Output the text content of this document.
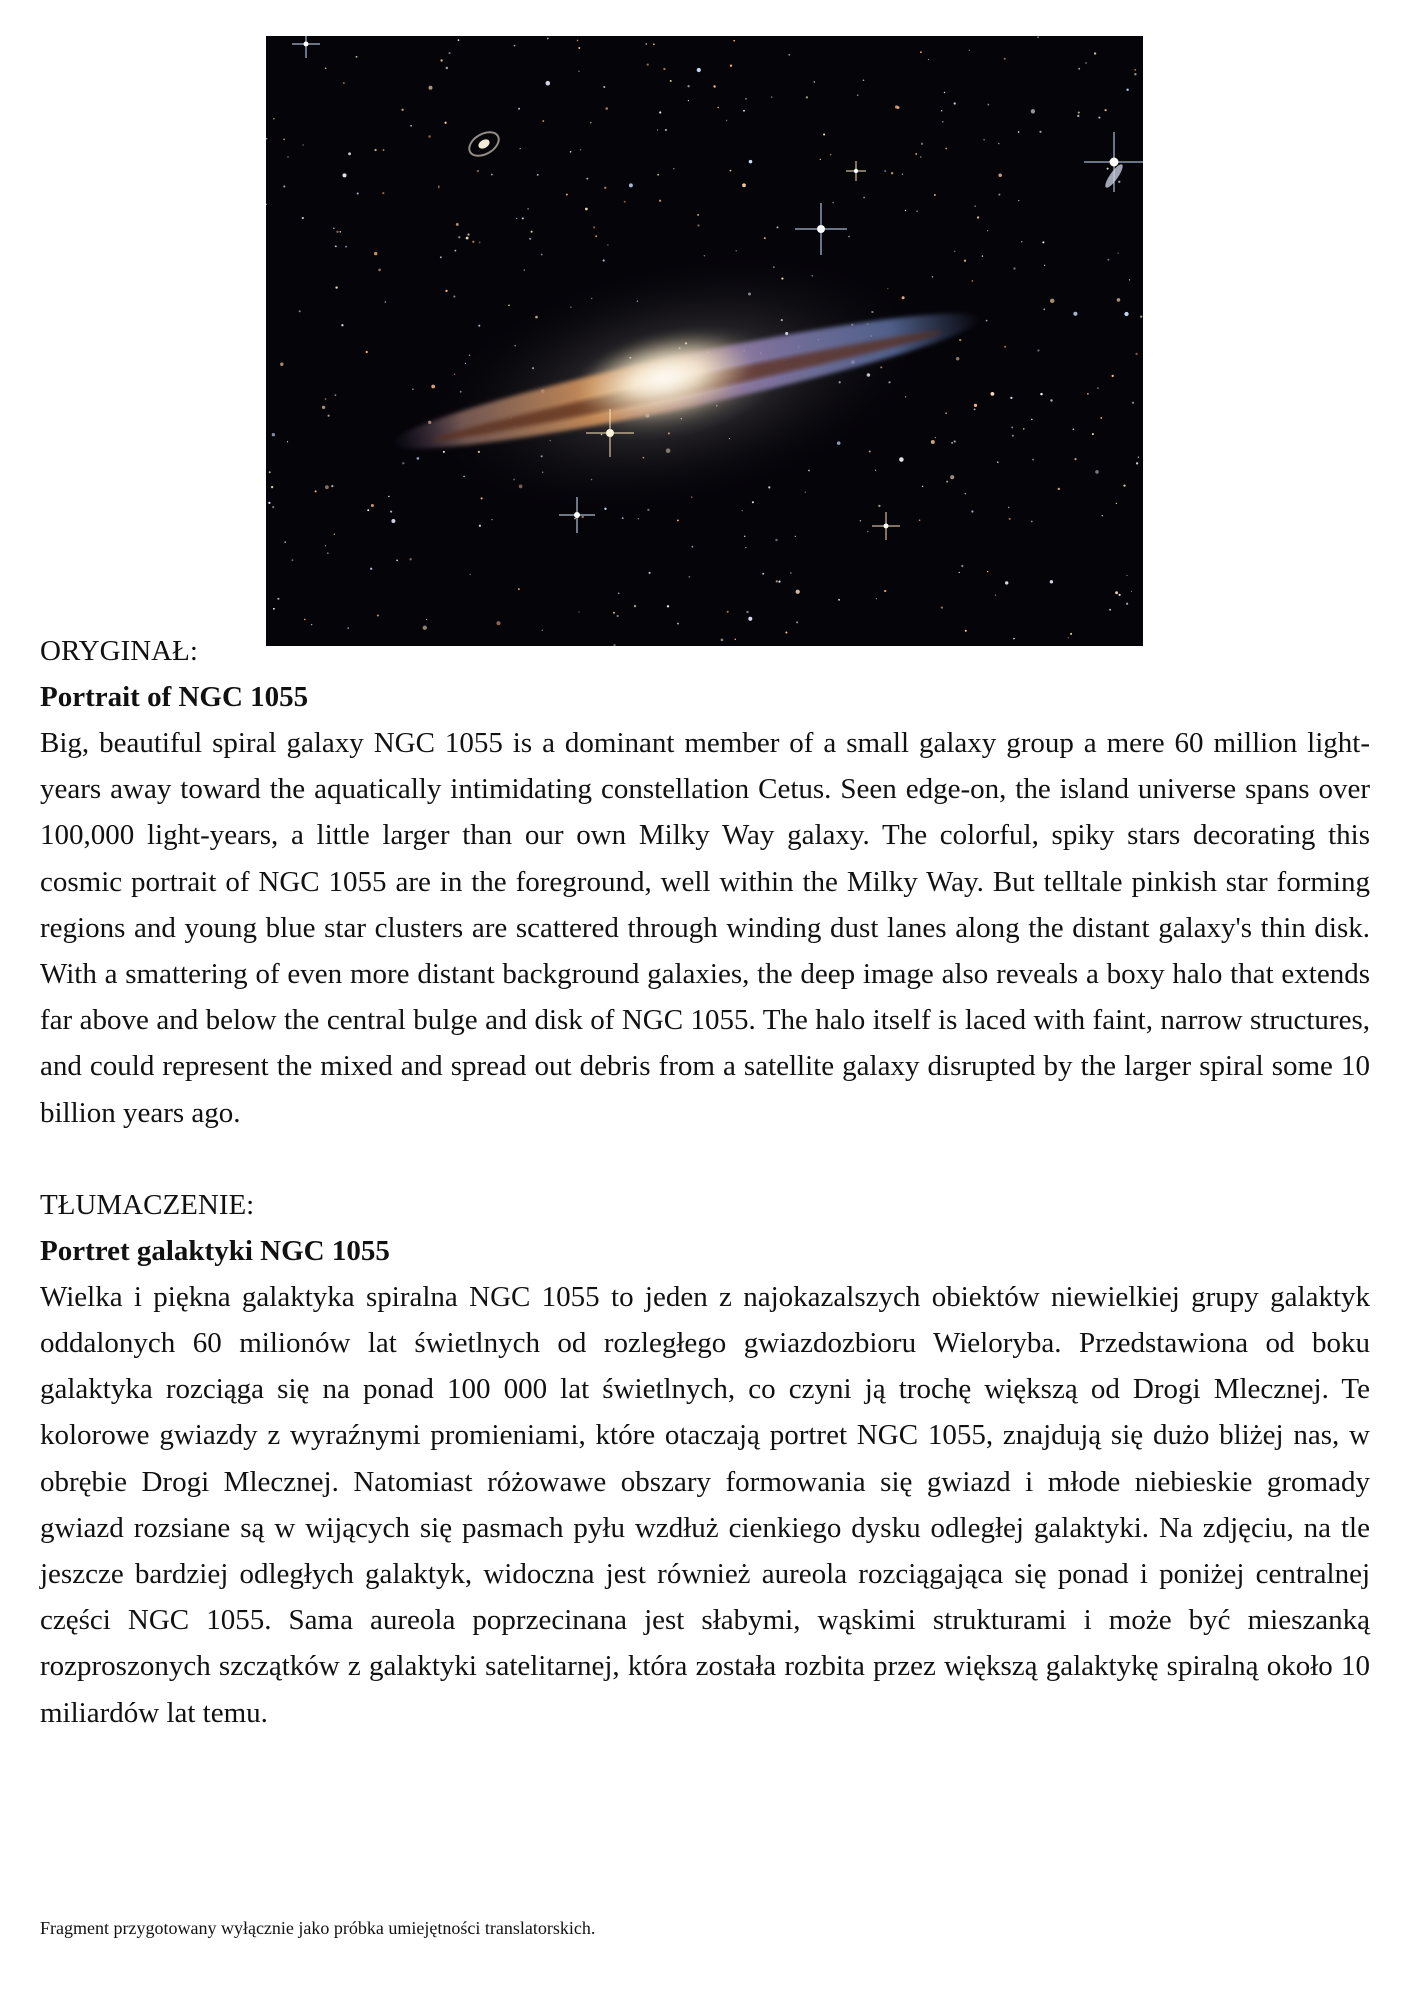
ORYGINAŁ:
Portrait of NGC 1055
Big, beautiful spiral galaxy NGC 1055 is a dominant member of a small galaxy group a mere 60 million light-years away toward the aquatically intimidating constellation Cetus. Seen edge-on, the island universe spans over 100,000 light-years, a little larger than our own Milky Way galaxy. The colorful, spiky stars decorating this cosmic portrait of NGC 1055 are in the foreground, well within the Milky Way. But telltale pinkish star forming regions and young blue star clusters are scattered through winding dust lanes along the distant galaxy's thin disk. With a smattering of even more distant background galaxies, the deep image also reveals a boxy halo that extends far above and below the central bulge and disk of NGC 1055. The halo itself is laced with faint, narrow structures, and could represent the mixed and spread out debris from a satellite galaxy disrupted by the larger spiral some 10 billion years ago.
TŁUMACZENIE:
Portret galaktyki NGC 1055
Wielka i piękna galaktyka spiralna NGC 1055 to jeden z najokazalszych obiektów niewielkiej grupy galaktyk oddalonych 60 milionów lat świetlnych od rozległego gwiazdozbioru Wieloryba. Przedstawiona od boku galaktyka rozciąga się na ponad 100 000 lat świetlnych, co czyni ją trochę większą od Drogi Mlecznej. Te kolorowe gwiazdy z wyraźnymi promieniami, które otaczają portret NGC 1055, znajdują się dużo bliżej nas, w obrębie Drogi Mlecznej. Natomiast różowawe obszary formowania się gwiazd i młode niebieskie gromady gwiazd rozsiane są w wijących się pasmach pyłu wzdłuż cienkiego dysku odległej galaktyki. Na zdjęciu, na tle jeszcze bardziej odległych galaktyk, widoczna jest również aureola rozciągająca się ponad i poniżej centralnej części NGC 1055. Sama aureola poprzecinana jest słabymi, wąskimi strukturami i może być mieszanką rozproszonych szczątków z galaktyki satelitarnej, która została rozbita przez większą galaktykę spiralną około 10 miliardów lat temu.
Fragment przygotowany wyłącznie jako próbka umiejętności translatorskich.
